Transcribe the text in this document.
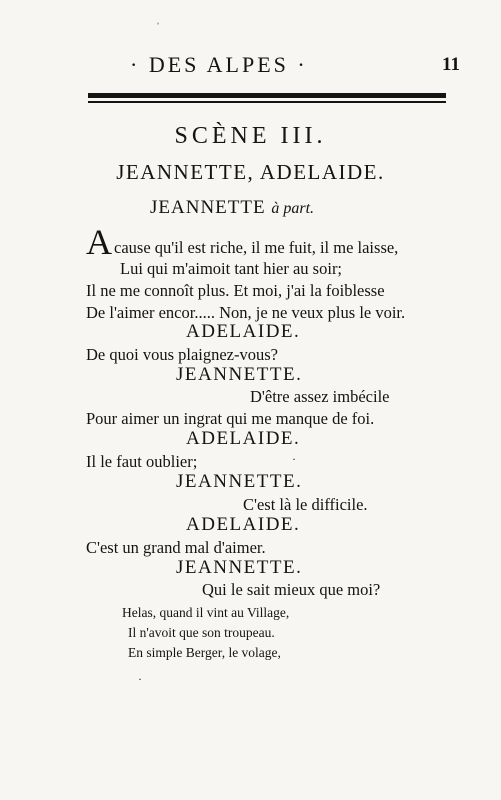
· DES ALPES ·	11
ˈ
SCÈNE III.
JEANNETTE, ADELAIDE.
JEANNETTE à part.
A cause qu'il est riche, il me fuit, il me laisse,
Lui qui m'aimoit tant hier au soir;
Il ne me connoît plus. Et moi, j'ai la foiblesse
De l'aimer encor..... Non, je ne veux plus le voir.
ADELAIDE.
De quoi vous plaignez-vous?
JEANNETTE.
D'être assez imbécile
Pour aimer un ingrat qui me manque de foi.
ADELAIDE.
Il le faut oublier;	·
JEANNETTE.
C'est là le difficile.
ADELAIDE.
C'est un grand mal d'aimer.
JEANNETTE.
Qui le sait mieux que moi?
Helas, quand il vint au Village,
Il n'avoit que son troupeau.
En simple Berger, le volage,
·
